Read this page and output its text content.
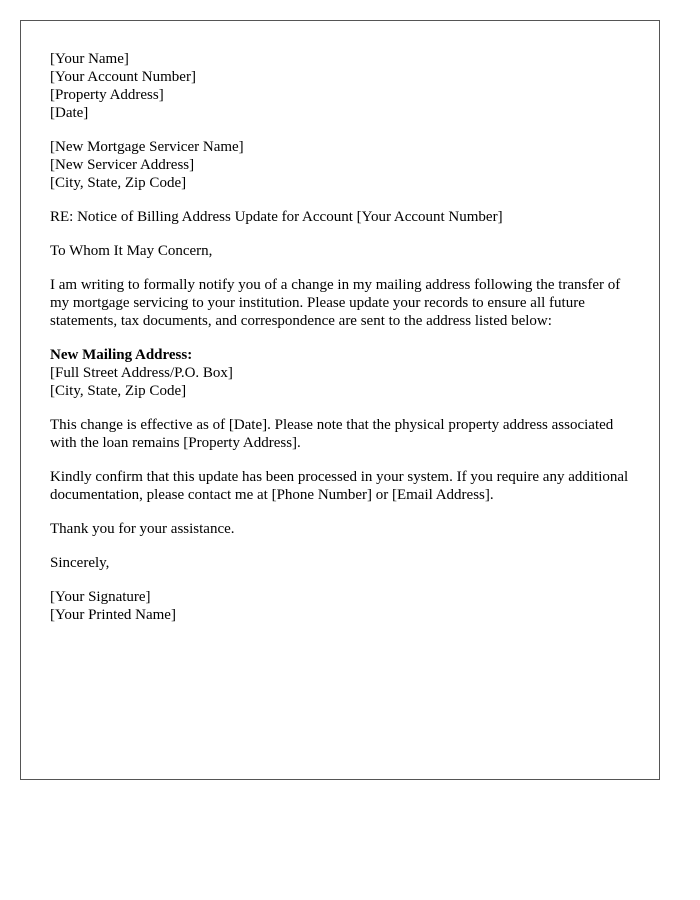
[Your Name]
[Your Account Number]
[Property Address]
[Date]
[New Mortgage Servicer Name]
[New Servicer Address]
[City, State, Zip Code]
RE: Notice of Billing Address Update for Account [Your Account Number]
To Whom It May Concern,
I am writing to formally notify you of a change in my mailing address following the transfer of my mortgage servicing to your institution. Please update your records to ensure all future statements, tax documents, and correspondence are sent to the address listed below:
New Mailing Address:
[Full Street Address/P.O. Box]
[City, State, Zip Code]
This change is effective as of [Date]. Please note that the physical property address associated with the loan remains [Property Address].
Kindly confirm that this update has been processed in your system. If you require any additional documentation, please contact me at [Phone Number] or [Email Address].
Thank you for your assistance.
Sincerely,
[Your Signature]
[Your Printed Name]
